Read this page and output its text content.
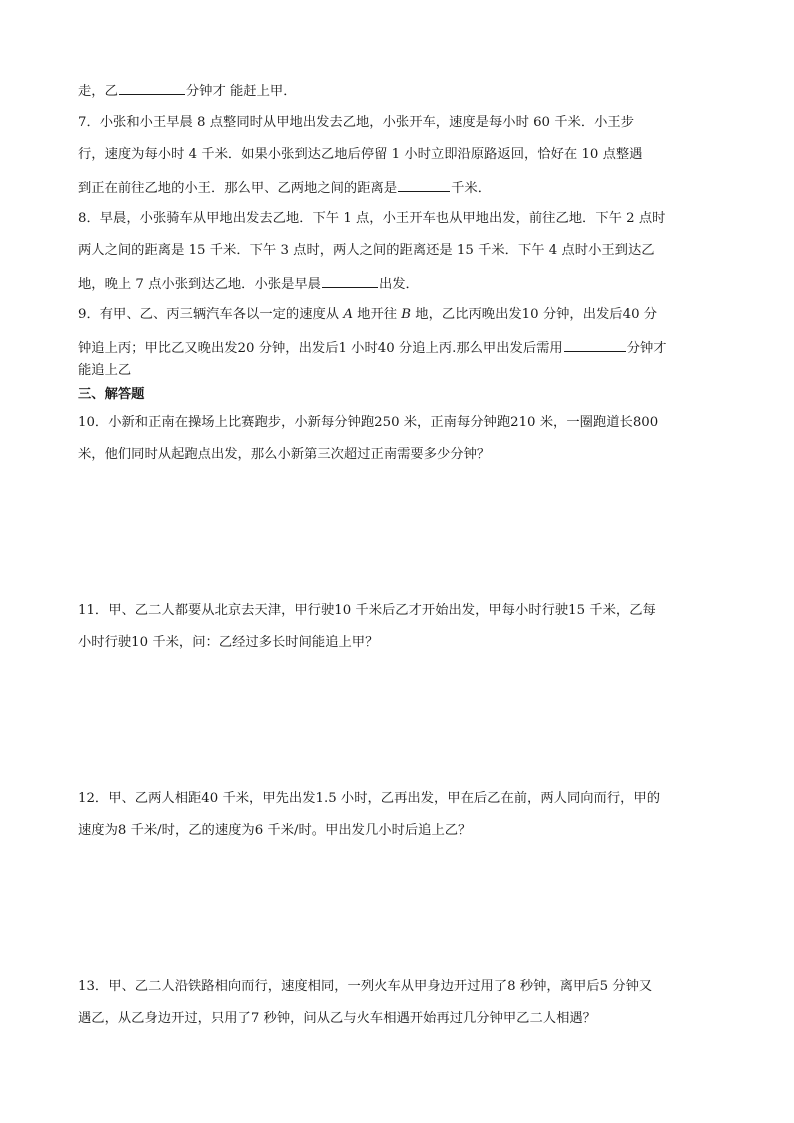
走，乙	分钟才 能赶上甲．
7．小张和小王早晨 8 点整同时从甲地出发去乙地，小张开车，速度是每小时 60 千米．小王步
行，速度为每小时 4 千米．如果小张到达乙地后停留 1 小时立即沿原路返回，恰好在 10 点整遇
到正在前往乙地的小王．那么甲、乙两地之间的距离是	千米．
8．早晨，小张骑车从甲地出发去乙地．下午 1 点，小王开车也从甲地出发，前往乙地．下午 2 点时
两人之间的距离是 15 千米．下午 3 点时，两人之间的距离还是 15 千米．下午 4 点时小王到达乙
地，晚上 7 点小张到达乙地．小张是早晨	出发．
9．有甲、乙、丙三辆汽车各以一定的速度从 A 地开往 B 地，乙比丙晚出发10 分钟，出发后40 分
钟追上丙；甲比乙又晚出发20 分钟，出发后1 小时40 分追上丙.那么甲出发后需用	分钟才
能追上乙
三、解答题
10．小新和正南在操场上比赛跑步，小新每分钟跑250 米，正南每分钟跑210 米，一圈跑道长800
米，他们同时从起跑点出发，那么小新第三次超过正南需要多少分钟？
11．甲、乙二人都要从北京去天津，甲行驶10 千米后乙才开始出发，甲每小时行驶15 千米，乙每
小时行驶10 千米，问：乙经过多长时间能追上甲？
12．甲、乙两人相距40 千米，甲先出发1.5 小时，乙再出发，甲在后乙在前，两人同向而行，甲的
速度为8 千米/时，乙的速度为6 千米/时。甲出发几小时后追上乙？
13．甲、乙二人沿铁路相向而行，速度相同，一列火车从甲身边开过用了8 秒钟，离甲后5 分钟又
遇乙，从乙身边开过，只用了7 秒钟，问从乙与火车相遇开始再过几分钟甲乙二人相遇？
